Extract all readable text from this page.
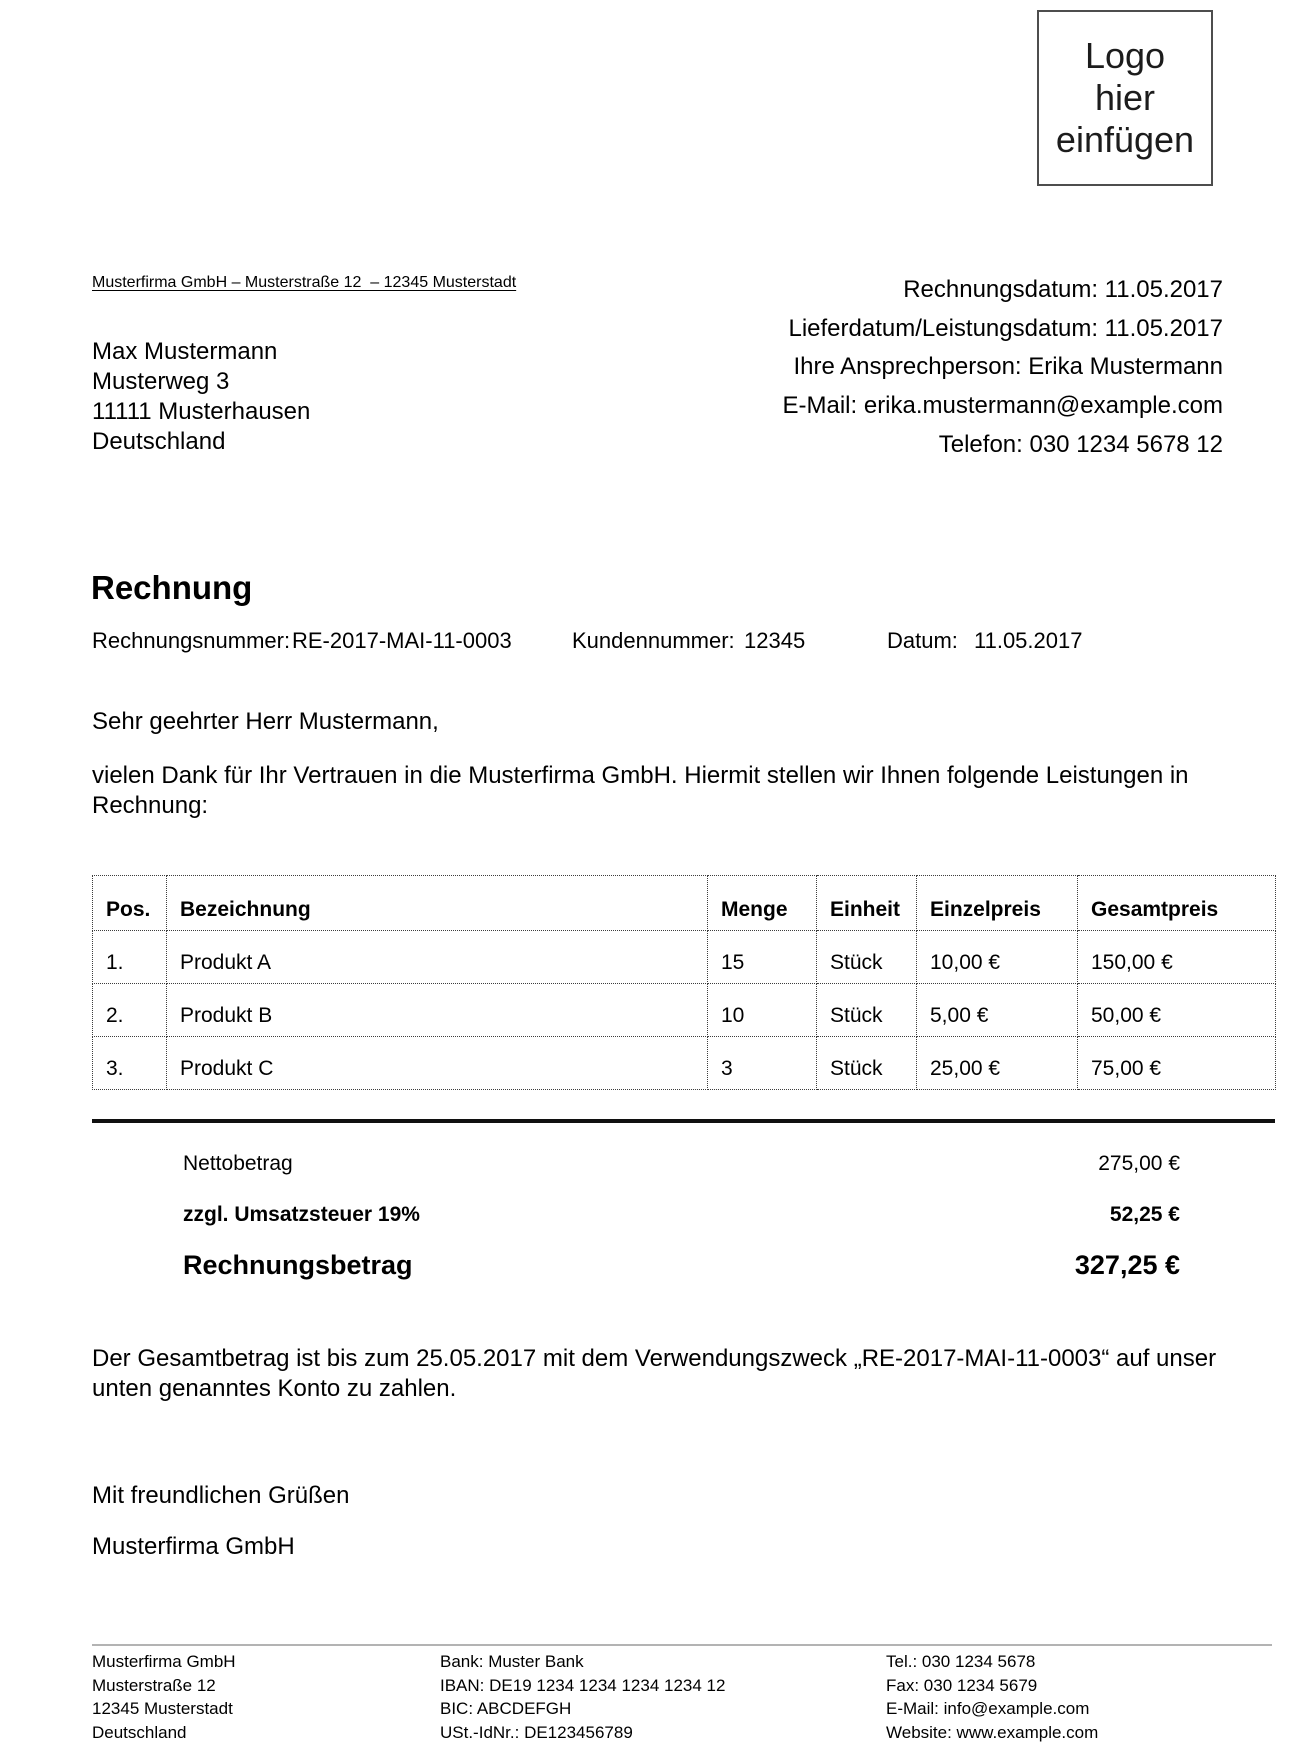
Logo
hier
einfügen
Musterfirma GmbH – Musterstraße 12  – 12345 Musterstadt
Max Mustermann
Musterweg 3
11111 Musterhausen
Deutschland
Rechnungsdatum: 11.05.2017
Lieferdatum/Leistungsdatum: 11.05.2017
Ihre Ansprechperson: Erika Mustermann
E-Mail: erika.mustermann@example.com
Telefon: 030 1234 5678 12
Rechnung
Rechnungsnummer: RE-2017-MAI-11-0003	Kundennummer: 12345	Datum: 11.05.2017
Sehr geehrter Herr Mustermann,
vielen Dank für Ihr Vertrauen in die Musterfirma GmbH. Hiermit stellen wir Ihnen folgende Leistungen in Rechnung:
Pos.	Bezeichnung	Menge	Einheit	Einzelpreis	Gesamtpreis
1.	Produkt A	15	Stück	10,00 €	150,00 €
2.	Produkt B	10	Stück	5,00 €	50,00 €
3.	Produkt C	3	Stück	25,00 €	75,00 €
Nettobetrag	275,00 €
zzgl. Umsatzsteuer 19%	52,25 €
Rechnungsbetrag	327,25 €
Der Gesamtbetrag ist bis zum 25.05.2017 mit dem Verwendungszweck „RE-2017-MAI-11-0003“ auf unser unten genanntes Konto zu zahlen.
Mit freundlichen Grüßen
Musterfirma GmbH
Musterfirma GmbH
Musterstraße 12
12345 Musterstadt
Deutschland
Bank: Muster Bank
IBAN: DE19 1234 1234 1234 1234 12
BIC: ABCDEFGH
USt.-IdNr.: DE123456789
Tel.: 030 1234 5678
Fax: 030 1234 5679
E-Mail: info@example.com
Website: www.example.com
